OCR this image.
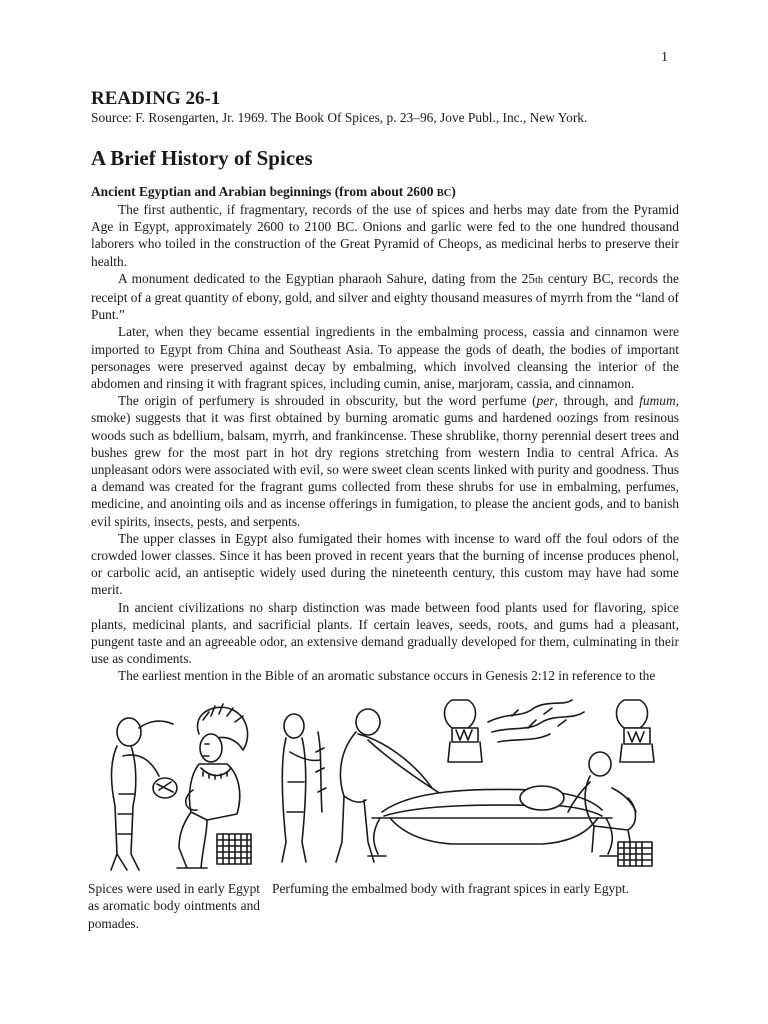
1
READING 26-1
Source: F. Rosengarten, Jr. 1969. The Book Of Spices, p. 23–96, Jove Publ., Inc., New York.
A Brief History of Spices
Ancient Egyptian and Arabian beginnings (from about 2600 BC)

The first authentic, if fragmentary, records of the use of spices and herbs may date from the Pyramid Age in Egypt, approximately 2600 to 2100 BC. Onions and garlic were fed to the one hundred thousand laborers who toiled in the construction of the Great Pyramid of Cheops, as medicinal herbs to preserve their health.

A monument dedicated to the Egyptian pharaoh Sahure, dating from the 25th century BC, records the receipt of a great quantity of ebony, gold, and silver and eighty thousand measures of myrrh from the “land of Punt.”

Later, when they became essential ingredients in the embalming process, cassia and cinnamon were imported to Egypt from China and Southeast Asia. To appease the gods of death, the bodies of important personages were preserved against decay by embalming, which involved cleansing the interior of the abdomen and rinsing it with fragrant spices, including cumin, anise, marjoram, cassia, and cinnamon.

The origin of perfumery is shrouded in obscurity, but the word perfume (per, through, and fumum, smoke) suggests that it was first obtained by burning aromatic gums and hardened oozings from resinous woods such as bdellium, balsam, myrrh, and frankincense. These shrublike, thorny perennial desert trees and bushes grew for the most part in hot dry regions stretching from western India to central Africa. As unpleasant odors were associated with evil, so were sweet clean scents linked with purity and goodness. Thus a demand was created for the fragrant gums collected from these shrubs for use in embalming, perfumes, medicine, and anointing oils and as incense offerings in fumigation, to please the ancient gods, and to banish evil spirits, insects, pests, and serpents.

The upper classes in Egypt also fumigated their homes with incense to ward off the foul odors of the crowded lower classes. Since it has been proved in recent years that the burning of incense produces phenol, or carbolic acid, an antiseptic widely used during the nineteenth century, this custom may have had some merit.

In ancient civilizations no sharp distinction was made between food plants used for flavoring, spice plants, medicinal plants, and sacrificial plants. If certain leaves, seeds, roots, and gums had a pleasant, pungent taste and an agreeable odor, an extensive demand gradually developed for them, culminating in their use as condiments.

The earliest mention in the Bible of an aromatic substance occurs in Genesis 2:12 in reference to the

Spices were used in early Egypt as aromatic body ointments and pomades.
Perfuming the embalmed body with fragrant spices in early Egypt.
